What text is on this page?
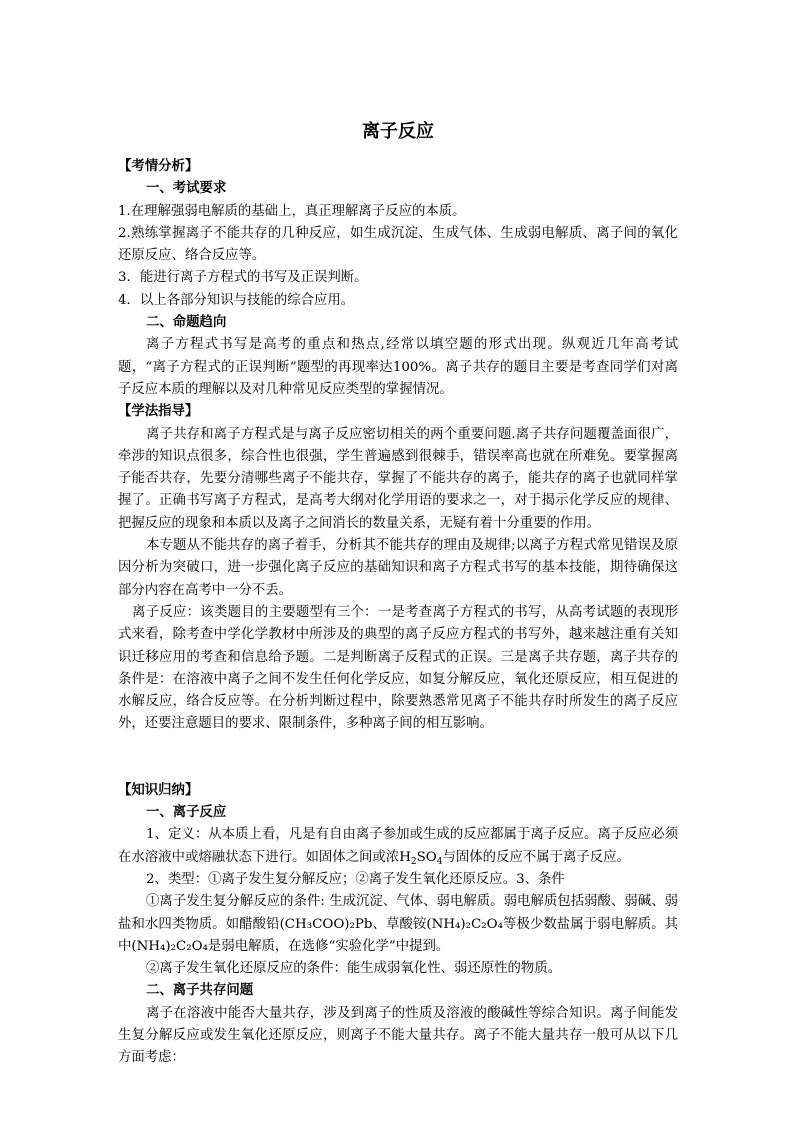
离子反应
【考情分析】
一、考试要求

1.在理解强弱电解质的基础上，真正理解离子反应的本质。

2.熟练掌握离子不能共存的几种反应，如生成沉淀、生成气体、生成弱电解质、离子间的氧化还原反应、络合反应等。

3．能进行离子方程式的书写及正误判断。

4．以上各部分知识与技能的综合应用。

二、命题趋向

离子方程式书写是高考的重点和热点,经常以填空题的形式出现。纵观近几年高考试题，“离子方程式的正误判断”题型的再现率达100%。离子共存的题目主要是考查同学们对离子反应本质的理解以及对几种常见反应类型的掌握情况。

【学法指导】

离子共存和离子方程式是与离子反应密切相关的两个重要问题.离子共存问题覆盖面很广，牵涉的知识点很多，综合性也很强，学生普遍感到很棘手，错误率高也就在所难免。要掌握离子能否共存，先要分清哪些离子不能共存，掌握了不能共存的离子，能共存的离子也就同样掌握了。正确书写离子方程式，是高考大纲对化学用语的要求之一，对于揭示化学反应的规律、把握反应的现象和本质以及离子之间消长的数量关系，无疑有着十分重要的作用。

本专题从不能共存的离子着手，分析其不能共存的理由及规律;以离子方程式常见错误及原因分析为突破口，进一步强化离子反应的基础知识和离子方程式书写的基本技能，期待确保这部分内容在高考中一分不丢。

离子反应：该类题目的主要题型有三个：一是考查离子方程式的书写，从高考试题的表现形式来看，除考查中学化学教材中所涉及的典型的离子反应方程式的书写外，越来越注重有关知识迁移应用的考查和信息给予题。二是判断离子反程式的正误。三是离子共存题，离子共存的条件是：在溶液中离子之间不发生任何化学反应，如复分解反应，氧化还原反应，相互促进的水解反应，络合反应等。在分析判断过程中，除要熟悉常见离子不能共存时所发生的离子反应外，还要注意题目的要求、限制条件，多种离子间的相互影响。

【知识归纳】
一、离子反应

1、定义：从本质上看，凡是有自由离子参加或生成的反应都属于离子反应。离子反应必须在水溶液中或熔融状态下进行。如固体之间或浓$H_2SO_4$与固体的反应不属于离子反应。

2、类型：①离子发生复分解反应；②离子发生氧化还原反应。3、条件

①离子发生复分解反应的条件: 生成沉淀、气体、弱电解质。弱电解质包括弱酸、弱碱、弱盐和水四类物质。如醋酸铅(CH₃COO)₂Pb、草酸铵(NH₄)₂C₂O₄等极少数盐属于弱电解质。其中(NH₄)₂C₂O₄是弱电解质，在选修“实验化学”中提到。

②离子发生氧化还原反应的条件：能生成弱氧化性、弱还原性的物质。

二、离子共存问题

离子在溶液中能否大量共存，涉及到离子的性质及溶液的酸碱性等综合知识。离子间能发生复分解反应或发生氧化还原反应，则离子不能大量共存。离子不能大量共存一般可从以下几方面考虑：
